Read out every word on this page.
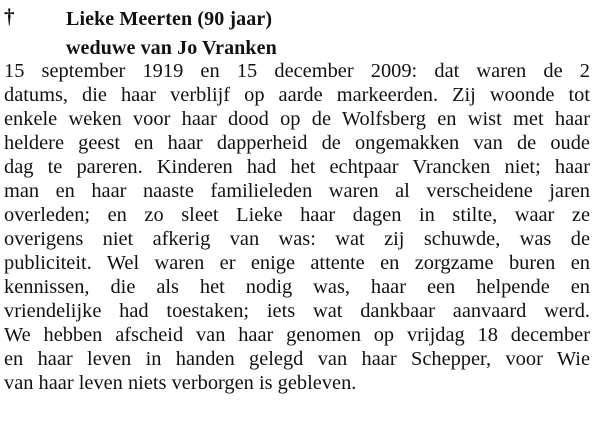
†	Lieke Meerten (90 jaar)
weduwe van Jo Vranken
15 september 1919 en 15 december 2009: dat waren de 2
datums, die haar verblijf op aarde markeerden. Zij woonde tot
enkele weken voor haar dood op de Wolfsberg en wist met haar
heldere geest en haar dapperheid de ongemakken van de oude
dag te pareren. Kinderen had het echtpaar Vrancken niet; haar
man en haar naaste familieleden waren al verscheidene jaren
overleden; en zo sleet Lieke haar dagen in stilte, waar ze
overigens niet afkerig van was: wat zij schuwde, was de
publiciteit. Wel waren er enige attente en zorgzame buren en
kennissen, die als het nodig was, haar een helpende en
vriendelijke had toestaken; iets wat dankbaar aanvaard werd.
We hebben afscheid van haar genomen op vrijdag 18 december
en haar leven in handen gelegd van haar Schepper, voor Wie
van haar leven niets verborgen is gebleven.
